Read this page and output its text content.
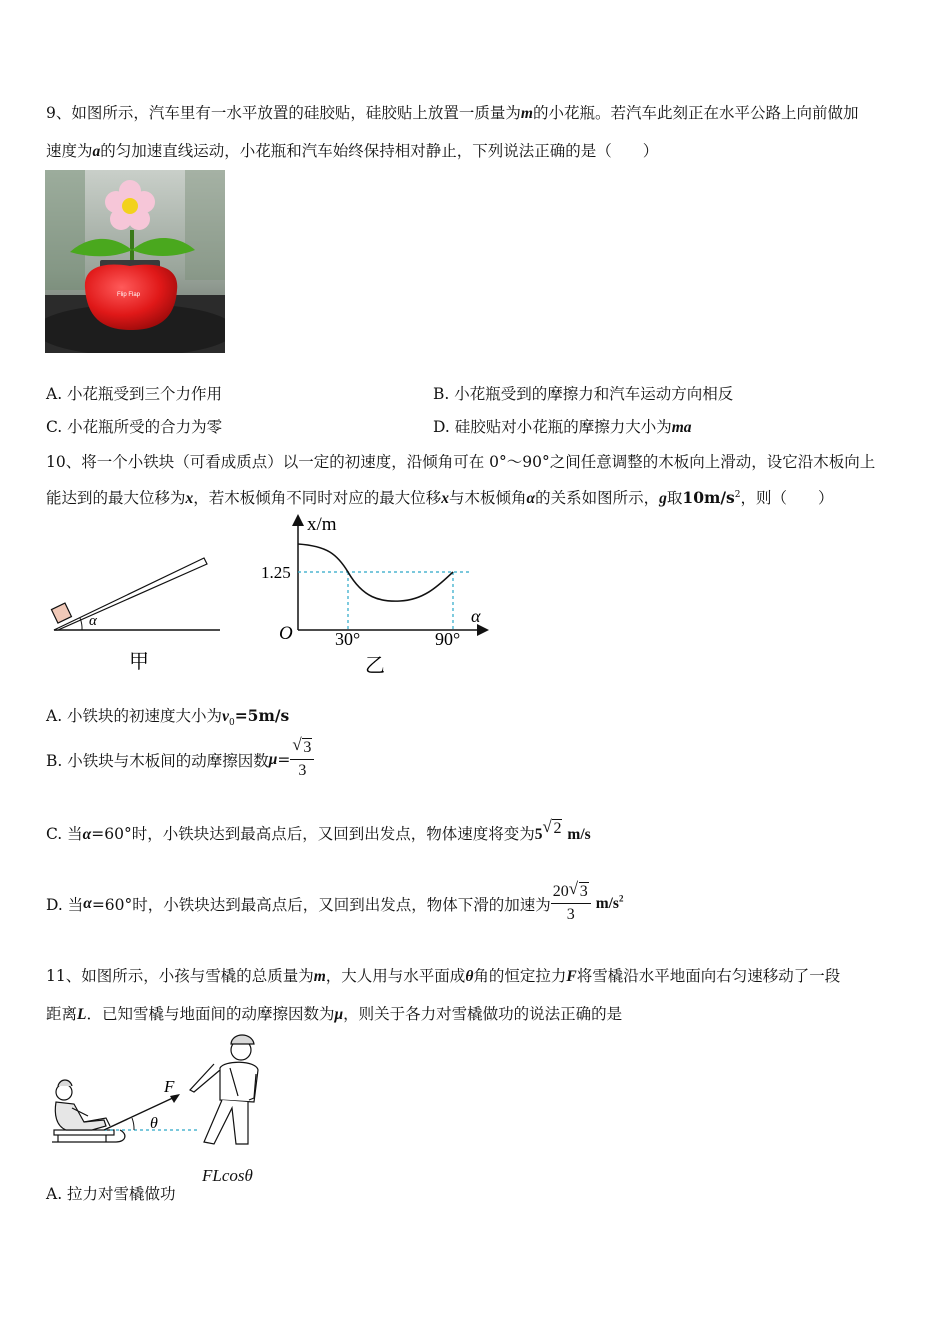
9、如图所示，汽车里有一水平放置的硅胶贴，硅胶贴上放置一质量为m的小花瓶。若汽车此刻正在水平公路上向前做加
速度为a的匀加速直线运动，小花瓶和汽车始终保持相对静止，下列说法正确的是（　　）
Flip Flap
A. 小花瓶受到三个力作用	B. 小花瓶受到的摩擦力和汽车运动方向相反
C. 小花瓶所受的合力为零	D. 硅胶贴对小花瓶的摩擦力大小为ma
10、将一个小铁块（可看成质点）以一定的初速度，沿倾角可在 0°～90°之间任意调整的木板向上滑动，设它沿木板向上
能达到的最大位移为x，若木板倾角不同时对应的最大位移x与木板倾角α的关系如图所示，g取$10m/s^2$，则（　　）
α
甲
x/m
1.25
O 30°	90°
α
乙
A. 小铁块的初速度大小为$v_0=5m/s$
B. 小铁块与木板间的动摩擦因数μ= √ $\frac{3}{3}$
C. 当α=60°时，小铁块达到最高点后，又回到出发点，物体速度将变为5 √ 2 m/s
D. 当α=60°时，小铁块达到最高点后，又回到出发点，物体下滑的加速为 $\frac{20 √ 3}{3} m/s^2$
11、如图所示，小孩与雪橇的总质量为m，大人用与水平面成θ角的恒定拉力F将雪橇沿水平地面向右匀速移动了一段
距离L．已知雪橇与地面间的动摩擦因数为μ，则关于各力对雪橇做功的说法正确的是
θ
F
A. 拉力对雪橇做功
FLcosθ
